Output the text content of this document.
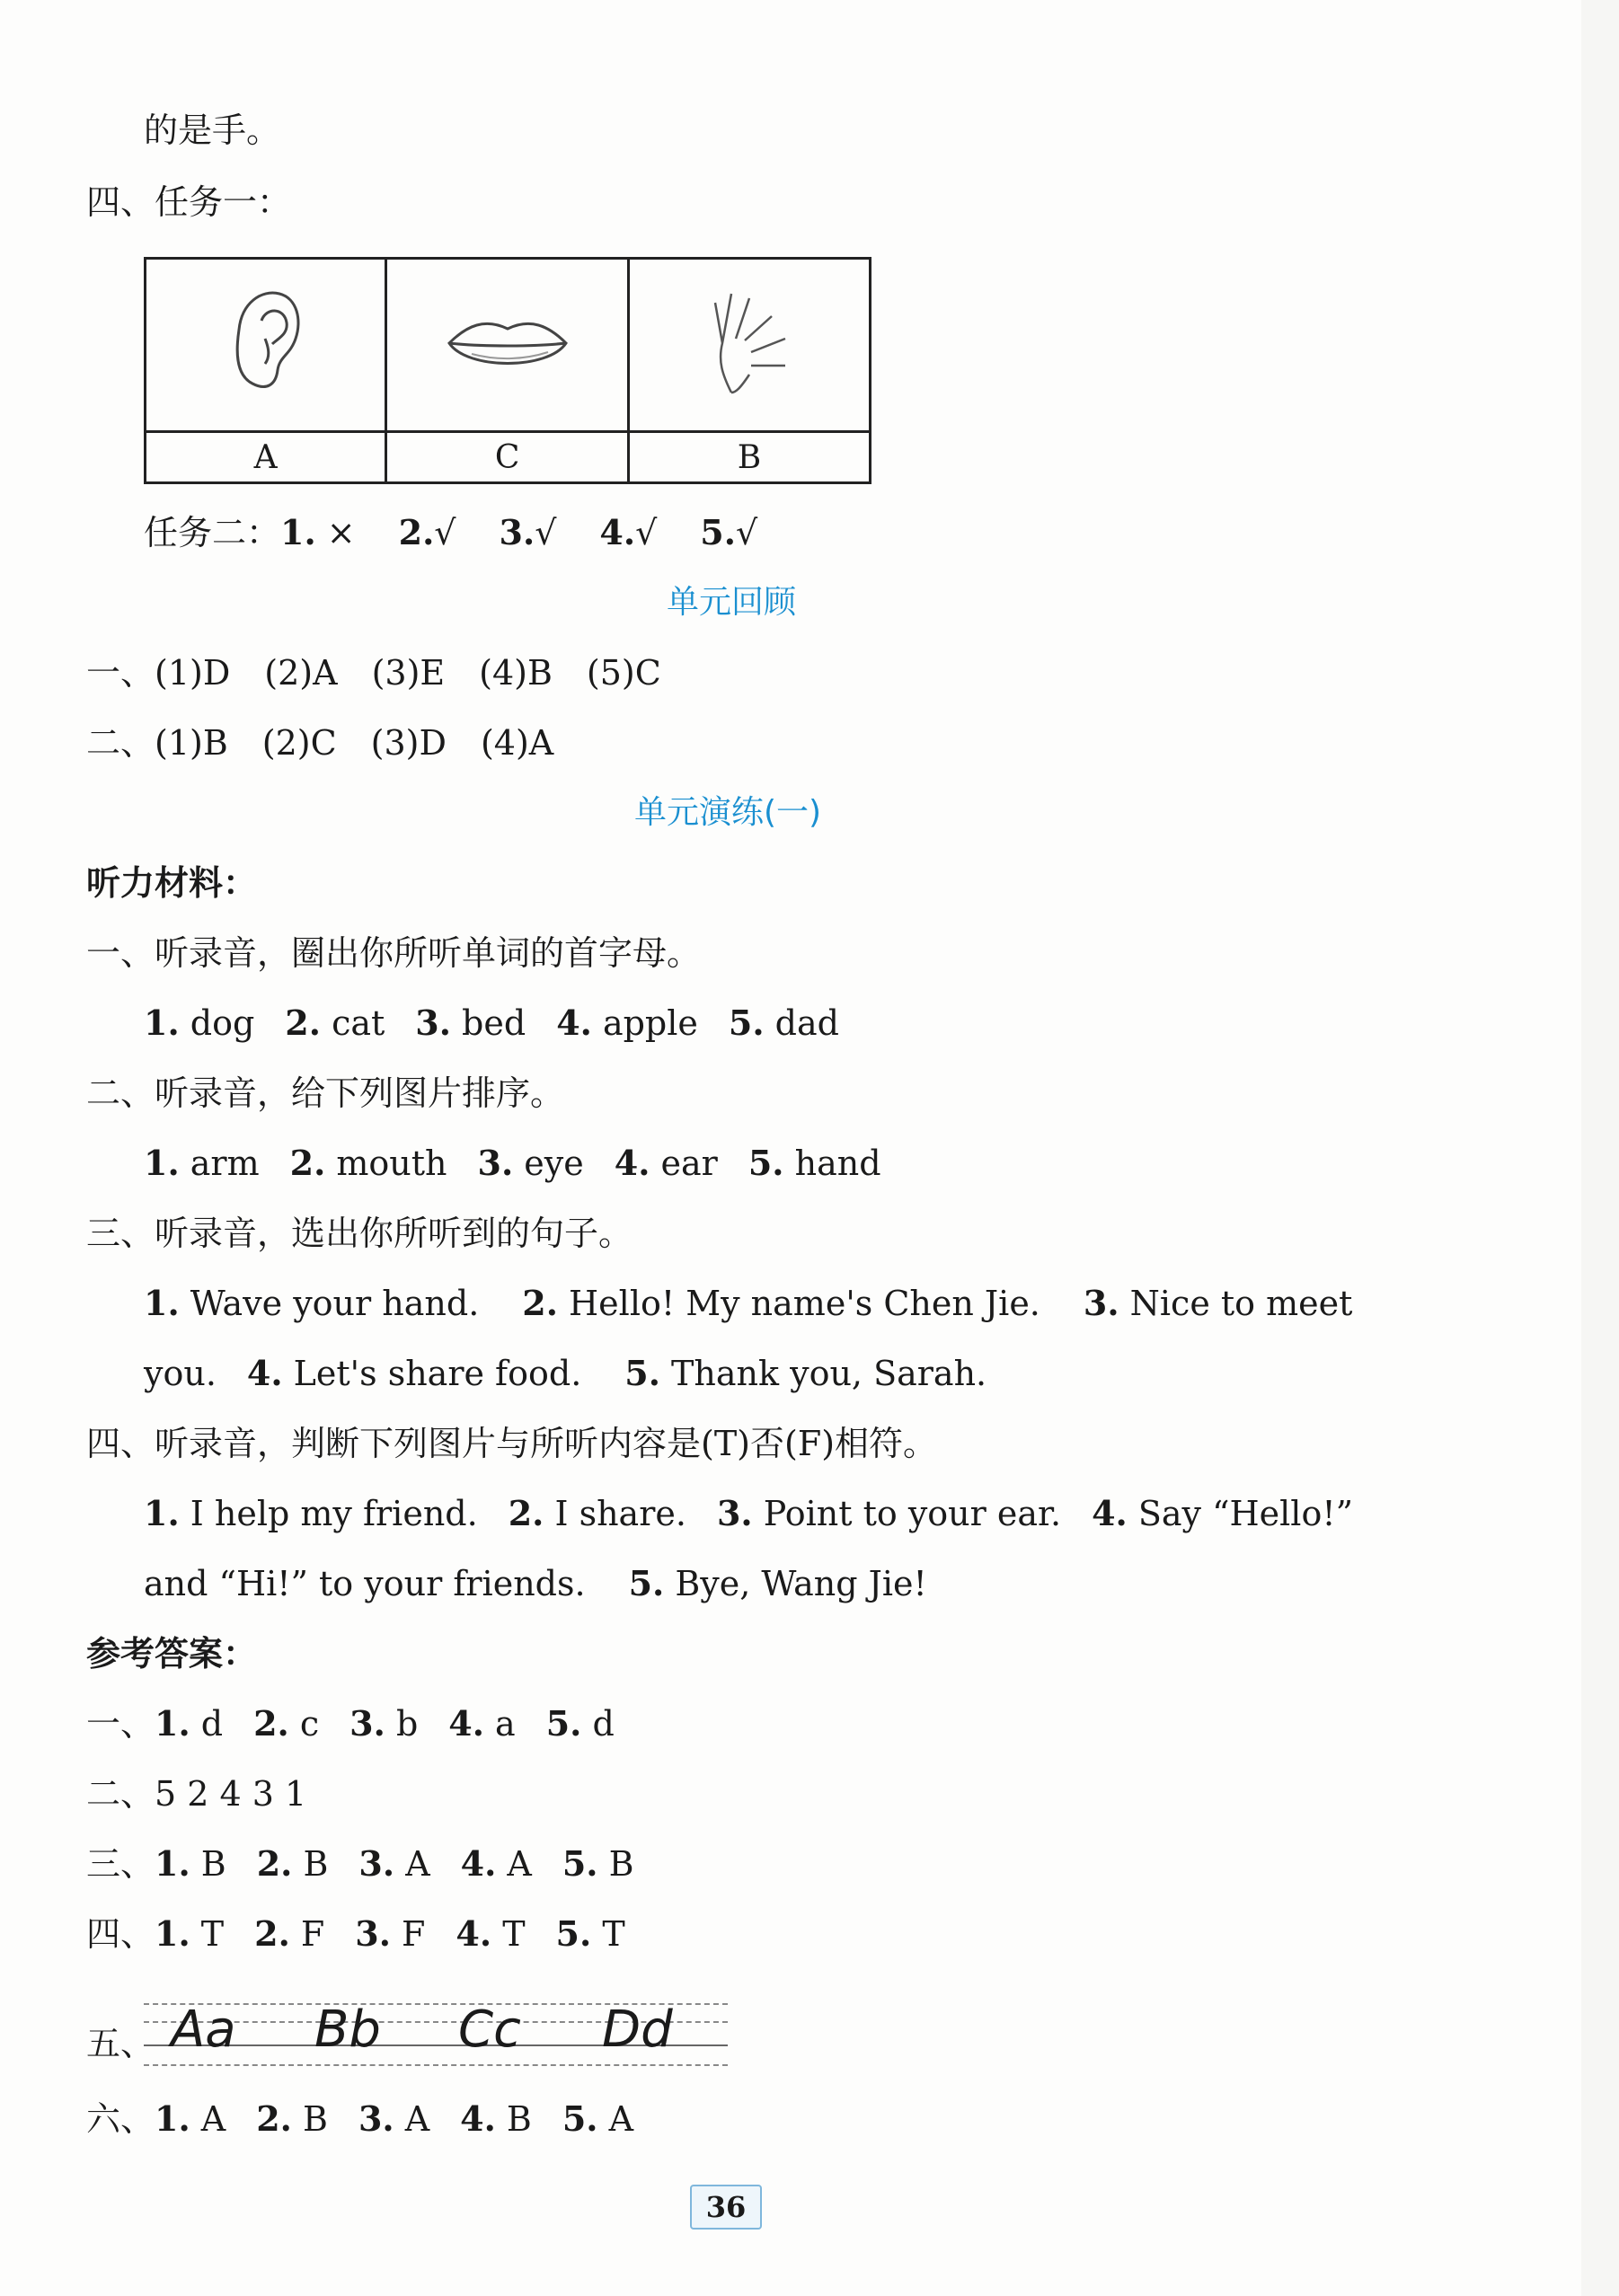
的是手。
四、任务一：

A	C	B
任务二：1. × 2.√ 3.√ 4.√ 5.√
单元回顾
一、(1)D　(2)A　(3)E　(4)B　(5)C
二、(1)B　(2)C　(3)D　(4)A
单元演练(一)
听力材料：
一、听录音，圈出你所听单词的首字母。
1. dog 2. cat 3. bed 4. apple 5. dad
二、听录音，给下列图片排序。
1. arm 2. mouth 3. eye 4. ear 5. hand
三、听录音，选出你所听到的句子。
1. Wave your hand. 2. Hello! My name's Chen Jie. 3. Nice to meet
you. 4. Let's share food. 5. Thank you, Sarah.
四、听录音，判断下列图片与所听内容是(T)否(F)相符。
1. I help my friend. 2. I share. 3. Point to your ear. 4. Say “Hello!”
and “Hi!” to your friends. 5. Bye, Wang Jie!
参考答案：
一、1. d 2. c 3. b 4. a 5. d
二、5 2 4 3 1
三、1. B 2. B 3. A 4. A 5. B
四、1. T 2. F 3. F 4. T 5. T
五、 Aa Bb Cc Dd
六、1. A 2. B 3. A 4. B 5. A
36
